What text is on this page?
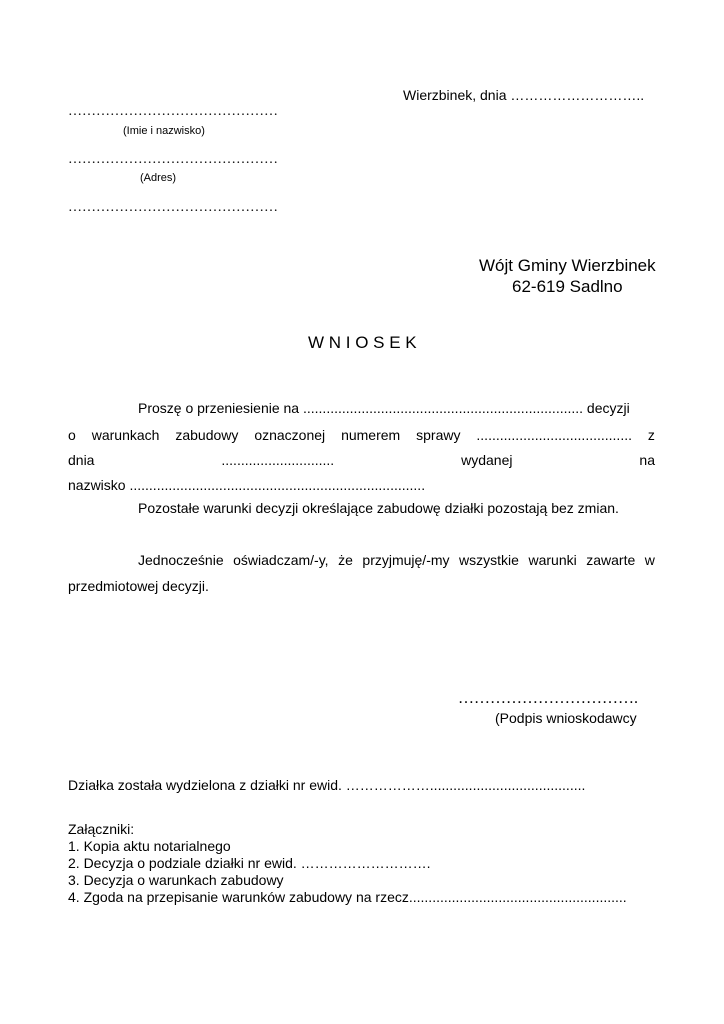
Wierzbinek, dnia ………………………..
………………………………………
(Imie i nazwisko)
………………………………………
(Adres)
………………………………………
Wójt Gminy Wierzbinek
62-619 Sadlno
W N I O S E K
Proszę o przeniesienie na ........................................................................ decyzji
o warunkach zabudowy oznaczonej numerem sprawy ........................................ z
dnia	.............................	wydanej	na
nazwisko ............................................................................
Pozostałe warunki decyzji określające zabudowę działki pozostają bez zmian.
Jednocześnie oświadczam/-y, że przyjmuję/-my wszystkie warunki zawarte w
przedmiotowej decyzji.
…………………………….
(Podpis wnioskodawcy
Działka została wydzielona z działki nr ewid. ………………........................................
Załączniki:
1. Kopia aktu notarialnego
2. Decyzja o podziale działki nr ewid. ……………………….
3. Decyzja o warunkach zabudowy
4. Zgoda na przepisanie warunków zabudowy na rzecz........................................................
